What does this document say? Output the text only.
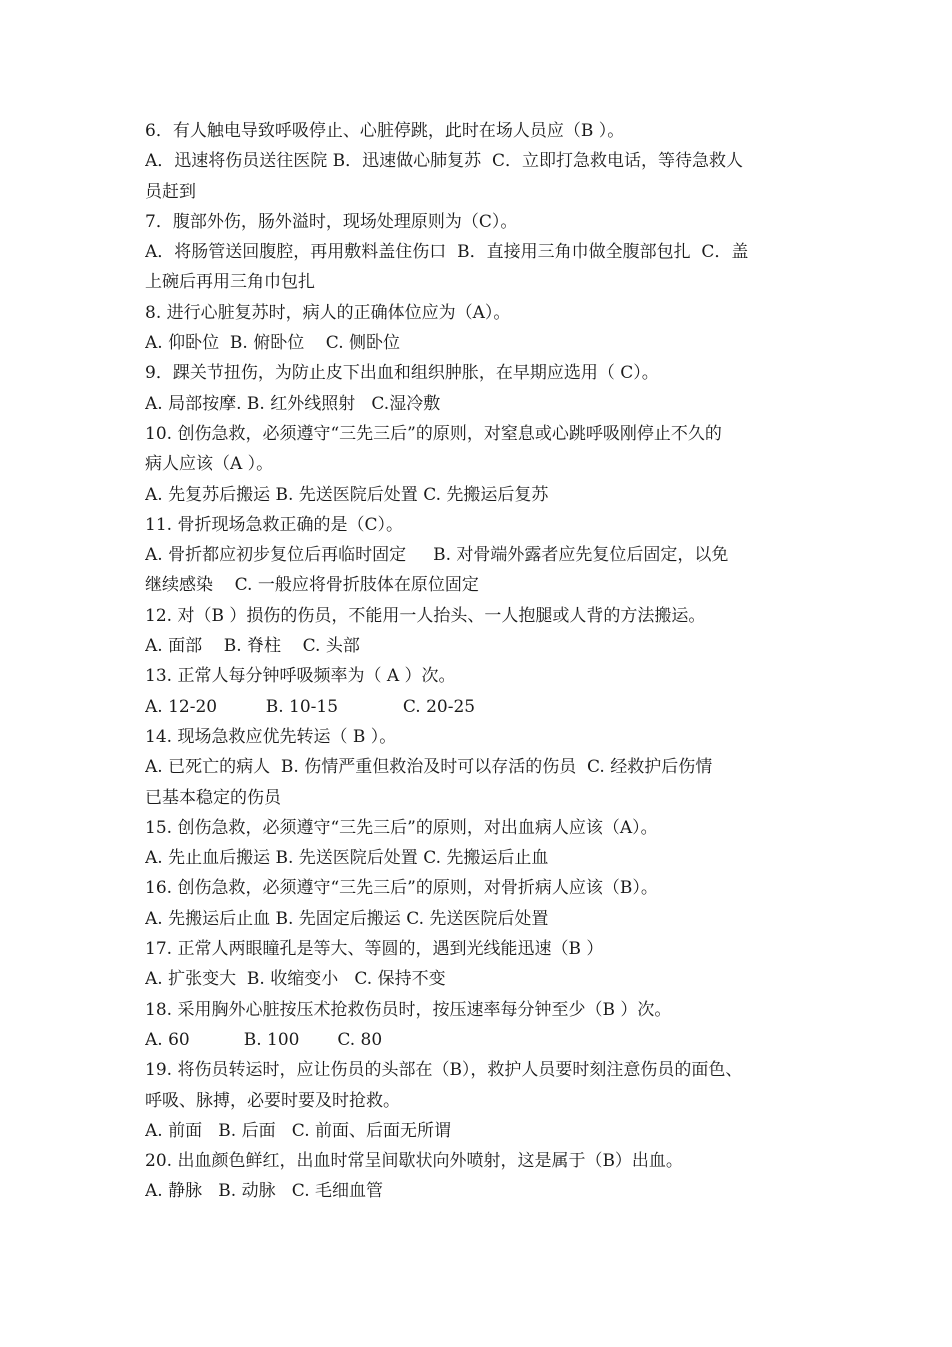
6．有人触电导致呼吸停止、心脏停跳，此时在场人员应（B ）。
A．迅速将伤员送往医院 B．迅速做心肺复苏  C．立即打急救电话，等待急救人
员赶到
7．腹部外伤，肠外溢时，现场处理原则为（C）。
A．将肠管送回腹腔，再用敷料盖住伤口  B．直接用三角巾做全腹部包扎  C．盖
上碗后再用三角巾包扎
8. 进行心脏复苏时，病人的正确体位应为（A）。
A. 仰卧位  B. 俯卧位    C. 侧卧位
9．踝关节扭伤，为防止皮下出血和组织肿胀，在早期应选用（ C）。
A. 局部按摩. B. 红外线照射   C.湿冷敷
10. 创伤急救，必须遵守“三先三后”的原则，对窒息或心跳呼吸刚停止不久的
病人应该（A ）。
A. 先复苏后搬运 B. 先送医院后处置 C. 先搬运后复苏
11. 骨折现场急救正确的是（C）。
A. 骨折都应初步复位后再临时固定     B. 对骨端外露者应先复位后固定，以免
继续感染    C. 一般应将骨折肢体在原位固定
12. 对（B ）损伤的伤员，不能用一人抬头、一人抱腿或人背的方法搬运。
A. 面部    B. 脊柱    C. 头部
13. 正常人每分钟呼吸频率为（ A ）次。
A. 12-20         B. 10-15            C. 20-25
14. 现场急救应优先转运（ B ）。
A. 已死亡的病人  B. 伤情严重但救治及时可以存活的伤员  C. 经救护后伤情
已基本稳定的伤员
15. 创伤急救，必须遵守“三先三后”的原则，对出血病人应该（A）。
A. 先止血后搬运 B. 先送医院后处置 C. 先搬运后止血
16. 创伤急救，必须遵守“三先三后”的原则，对骨折病人应该（B）。
A. 先搬运后止血 B. 先固定后搬运 C. 先送医院后处置
17. 正常人两眼瞳孔是等大、等圆的，遇到光线能迅速（B ）
A. 扩张变大  B. 收缩变小   C. 保持不变
18. 采用胸外心脏按压术抢救伤员时，按压速率每分钟至少（B ）次。
A. 60          B. 100       C. 80
19. 将伤员转运时，应让伤员的头部在（B），救护人员要时刻注意伤员的面色、
呼吸、脉搏，必要时要及时抢救。
A. 前面   B. 后面   C. 前面、后面无所谓
20. 出血颜色鲜红，出血时常呈间歇状向外喷射，这是属于（B）出血。
A. 静脉   B. 动脉   C. 毛细血管
